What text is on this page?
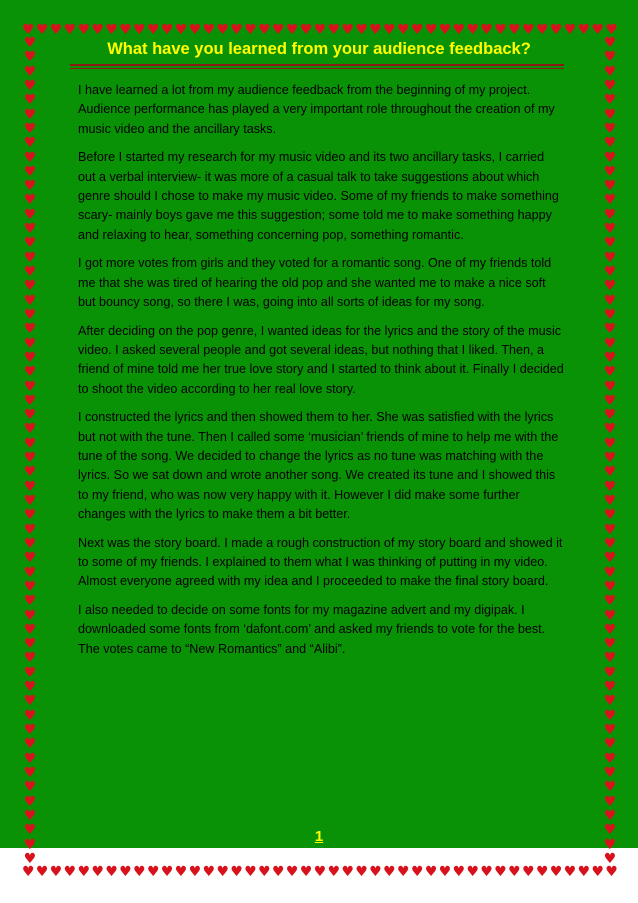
♥ ♥ ♥ ♥ ♥ ♥ ♥ ♥ ♥ ♥ ♥ ♥ ♥ ♥ ♥ ♥ ♥ ♥ ♥ ♥ ♥ ♥ ♥ ♥ ♥ ♥ ♥ ♥ ♥ ♥ ♥ ♥ ♥ ♥ ♥ ♥ ♥ ♥ ♥ ♥ ♥ ♥ ♥
♥ ♥ ♥ ♥ ♥ ♥ ♥ ♥ ♥ ♥ ♥ ♥ ♥ ♥ ♥ ♥ ♥ ♥ ♥ ♥ ♥ ♥ ♥ ♥ ♥ ♥ ♥ ♥ ♥ ♥ ♥ ♥ ♥ ♥ ♥ ♥ ♥ ♥ ♥ ♥ ♥ ♥ ♥
♥
♥
♥
♥
♥
♥
♥
♥
♥
♥
♥
♥
♥
♥
♥
♥
♥
♥
♥
♥
♥
♥
♥
♥
♥
♥
♥
♥
♥
♥
♥
♥
♥
♥
♥
♥
♥
♥
♥
♥
♥
♥
♥
♥
♥
♥
♥
♥
♥
♥
♥
♥
♥
♥
♥
♥
♥
♥
♥
♥
♥
♥
♥
♥
♥
♥
♥
♥
♥
♥
♥
♥
♥
♥
♥
♥
♥
♥
♥
♥
♥
♥
♥
♥
♥
♥
♥
♥
♥
♥
♥
♥
♥
♥
♥
♥
♥
♥
♥
♥
♥
♥
♥
♥
♥
♥
♥
♥
♥
♥
♥
♥
♥
♥
♥
♥
What have you learned from your audience feedback?

I have learned a lot from my audience feedback from the beginning of my project. Audience performance has played a very important role throughout the creation of my music video and the ancillary tasks.

Before I started my research for my music video and its two ancillary tasks, I carried out a verbal interview- it was more of a casual talk to take suggestions about which genre should I chose to make my music video. Some of my friends to make something scary- mainly boys gave me this suggestion; some told me to make something happy and relaxing to hear, something concerning pop, something romantic.

I got more votes from girls and they voted for a romantic song. One of my friends told me that she was tired of hearing the old pop and she wanted me to make a nice soft but bouncy song, so there I was, going into all sorts of ideas for my song.

After deciding on the pop genre, I wanted ideas for the lyrics and the story of the music video. I asked several people and got several ideas, but nothing that I liked. Then, a friend of mine told me her true love story and I started to think about it. Finally I decided to shoot the video according to her real love story.

I constructed the lyrics and then showed them to her. She was satisfied with the lyrics but not with the tune. Then I called some ‘musician’ friends of mine to help me with the tune of the song. We decided to change the lyrics as no tune was matching with the lyrics. So we sat down and wrote another song. We created its tune and I showed this to my friend, who was now very happy with it. However I did make some further changes with the lyrics to make them a bit better.

Next was the story board. I made a rough construction of my story board and showed it to some of my friends. I explained to them what I was thinking of putting in my video. Almost everyone agreed with my idea and I proceeded to make the final story board.

I also needed to decide on some fonts for my magazine advert and my digipak. I downloaded some fonts from ‘dafont.com’ and asked my friends to vote for the best. The votes came to “New Romantics” and “Alibi”.

1
